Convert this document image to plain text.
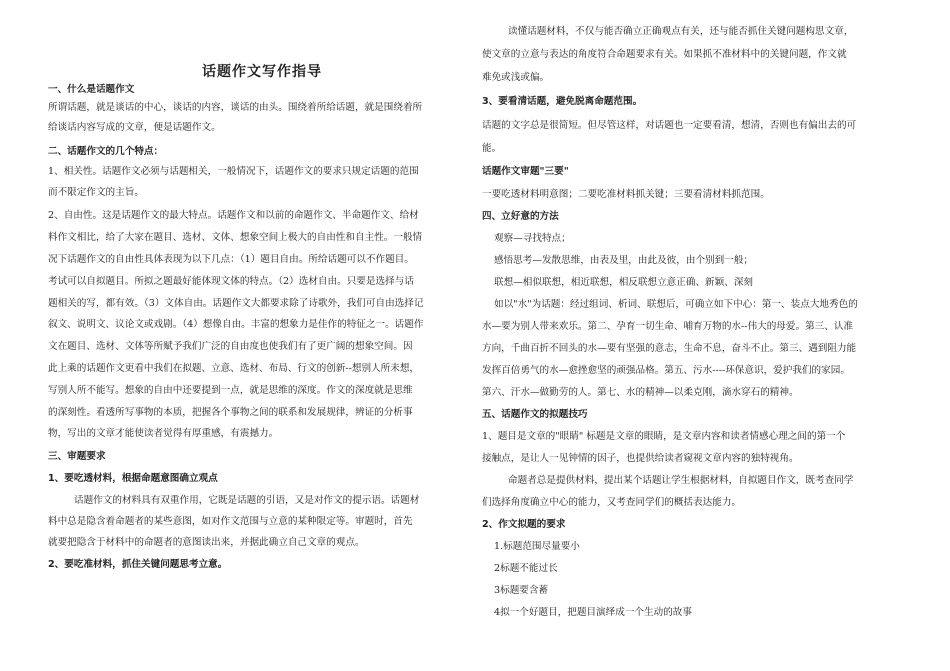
话题作文写作指导
一、什么是话题作文
所谓话题，就是谈话的中心，谈话的内容，谈话的由头。围绕着所给话题，就是围绕着所
给谈话内容写成的文章，便是话题作文。
二、话题作文的几个特点：
1、相关性。话题作文必须与话题相关，一般情况下，话题作文的要求只规定话题的范围
而不限定作文的主旨。
2、自由性。这是话题作文的最大特点。话题作文和以前的命题作文、半命题作文、给材
料作文相比，给了大家在题目、选材、文体、想象空间上极大的自由性和自主性。一般情
况下话题作文的自由性具体表现为以下几点：（1）题目自由。所给话题可以不作题目。
考试可以自拟题目。所拟之题最好能体现文体的特点。（2）选材自由。只要是选择与话
题相关的写，都有效。（3）文体自由。话题作文大都要求除了诗歌外，我们可自由选择记
叙文、说明文、议论文或戏剧。（4）想像自由。丰富的想象力是佳作的特征之一。话题作
文在题目、选材、文体等所赋予我们广泛的自由度也使我们有了更广阔的想象空间。因
此上乘的话题作文更看中我们在拟题、立意、选材、布局、行文的创新--想别人所未想，
写别人所不能写。想象的自由中还要提到一点，就是思维的深度。作文的深度就是思维
的深刻性。看透所写事物的本质，把握各个事物之间的联系和发展规律，辨证的分析事
物，写出的文章才能使读者觉得有厚重感，有震撼力。
三、审题要求
1、要吃透材料，根据命题意图确立观点
话题作文的材料具有双重作用，它既是话题的引语，又是对作文的提示语。话题材
料中总是隐含着命题者的某些意图，如对作文范围与立意的某种限定等。审题时，首先
就要把隐含于材料中的命题者的意图读出来，并据此确立自己文章的观点。
2、要吃准材料，抓住关键问题思考立意。
读懂话题材料，不仅与能否确立正确观点有关，还与能否抓住关键问题构思文章，
使文章的立意与表达的角度符合命题要求有关。如果抓不准材料中的关键问题，作文就
难免或浅或偏。
3、要看清话题，避免脱离命题范围。
话题的文字总是很简短。但尽管这样，对话题也一定要看清，想清，否则也有偏出去的可
能。
话题作文审题"三要"
一要吃透材料明意图；二要吃准材料抓关键；三要看清材料抓范围。
四、立好意的方法
观察—寻找特点；
感悟思考—发散思维，由表及里，由此及彼，由个别到一般；
联想—相似联想，相近联想，相反联想立意正确、新颖、深刻
如以"水"为话题：经过组词、析词、联想后，可确立如下中心：第一、装点大地秀色的
水—要为别人带来欢乐。第二、孕育一切生命、哺育万物的水--伟大的母爱。第三、认准
方向，千曲百折不回头的水—要有坚强的意志，生命不息，奋斗不止。第三、遇到阻力能
发挥百倍勇气的水—愈挫愈坚的顽强品格。第五、污水----环保意识，爱护我们的家园。
第六、汗水—做勤劳的人。第七、水的精神—以柔克刚，滴水穿石的精神。
五、话题作文的拟题技巧
1、题目是文章的"眼睛" 标题是文章的眼睛，是文章内容和读者情感心理之间的第一个
接触点，是让人一见钟情的因子，也提供给读者窥视文章内容的独特视角。
命题者总是提供材料，提出某个话题让学生根据材料，自拟题目作文，既考查同学
们选择角度确立中心的能力，又考查同学们的概括表达能力。
2、作文拟题的要求
1.标题范围尽量要小
2标题不能过长
3标题要含蓄
4拟一个好题目，把题目演绎成一个生动的故事
